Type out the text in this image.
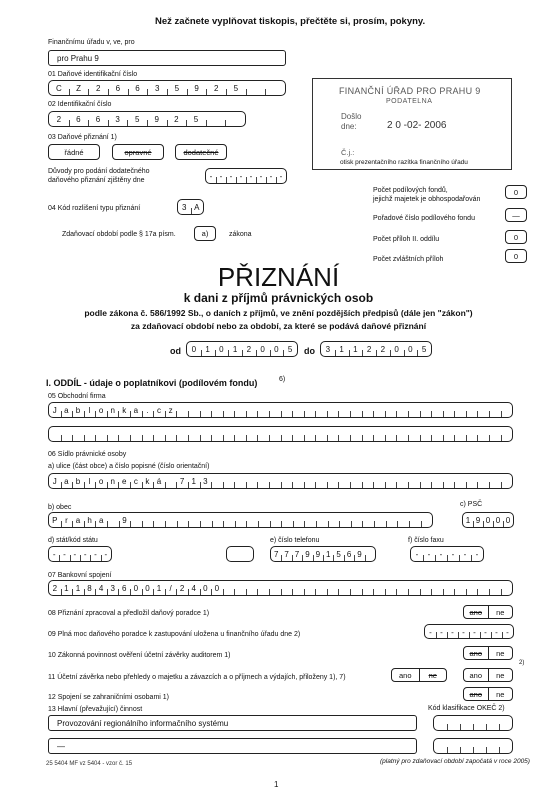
Než začnete vyplňovat tiskopis, přečtěte si, prosím, pokyny.
Finančnímu úřadu v, ve, pro
pro Prahu 9
01 Daňové identifikační číslo
C	Z	2	6	6	3	5	9	2	5
02 Identifikační číslo
2	6	6	3	5	9	2	5
03 Daňové přiznání 1)
řádné	opravné	dodatečné
Důvody pro podání dodatečného
daňového přiznání zjištěny dne	- - - - - - - -
04 Kód rozlišení typu přiznání	3 A
Zdaňovací období podle § 17a písm.	a)	zákona
FINANČNÍ ÚŘAD PRO PRAHU 9
PODATELNA
Došlo
dne:	2 0 -02- 2006
Č.j.:
otisk prezentačního razítka finančního úřadu
Počet podílových fondů,
jejichž majetek je obhospodařován
0
Pořadové číslo podílového fondu	—
Počet příloh II. oddílu	0
Počet zvláštních příloh	0
PŘIZNÁNÍ
k dani z příjmů právnických osob
podle zákona č. 586/1992 Sb., o daních z příjmů, ve znění pozdějších předpisů (dále jen "zákon")
za zdaňovací období nebo za období, za které se podává daňové přiznání
od	0	1	0	1	2	0	0	5	do	3	1	1	2	2	0	0	5
I. ODDÍL - údaje o poplatníkovi (podílovém fondu)	6)
05 Obchodní firma
J a b	l	o n k a	.	c z
06 Sídlo právnické osoby
a) ulice (část obce) a číslo popisné (číslo orientační)
J a b	l	o n e c k á	7 1 3
b) obec	c) PSČ
P r	a h a	9	1 9 0 0 0
d) stát/kód státu	e) číslo telefonu	f) číslo faxu
- - - - - -	7 7 7 9 9 1 5 6 9	-	-	-	-	-	-
07 Bankovní spojení
2 1 1 8 4 3 6 0 0 1	/	2 4 0 0
08 Přiznání zpracoval a předložil daňový poradce 1)	ano	ne
09 Plná moc daňového poradce k zastupování uložena u finančního úřadu dne 2)	-	-	-	-	-	-	-	-
10 Zákonná povinnost ověření účetní závěrky auditorem 1)	ano	ne
2)
11 Účetní závěrka nebo přehledy o majetku a závazcích a o příjmech a výdajích, přiloženy 1), 7)	ano	ne	ano	ne
12 Spojení se zahraničními osobami 1)	ano	ne
13 Hlavní (převažující) činnost	Kód klasifikace OKEČ 2)
Provozování regionálního informačního systému
—
25 5404 MF vz 5404 - vzor č. 15	(platný pro zdaňovací období započatá v roce 2005)
1
